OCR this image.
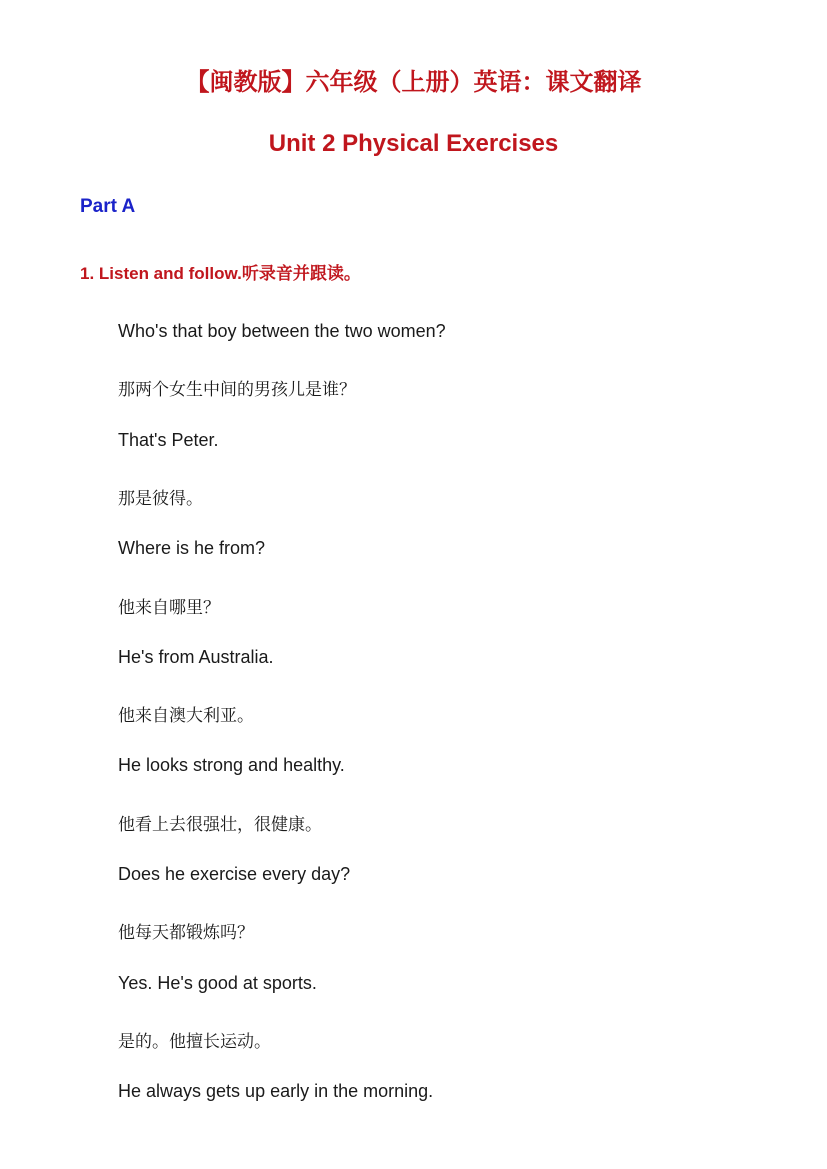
【闽教版】六年级（上册）英语：课文翻译
Unit 2 Physical Exercises
Part A
1. Listen and follow.听录音并跟读。
Who's that boy between the two women?
那两个女生中间的男孩儿是谁？
That's Peter.
那是彼得。
Where is he from?
他来自哪里？
He's from Australia.
他来自澳大利亚。
He looks strong and healthy.
他看上去很强壮，很健康。
Does he exercise every day?
他每天都锻炼吗？
Yes. He's good at sports.
是的。他擅长运动。
He always gets up early in the morning.
